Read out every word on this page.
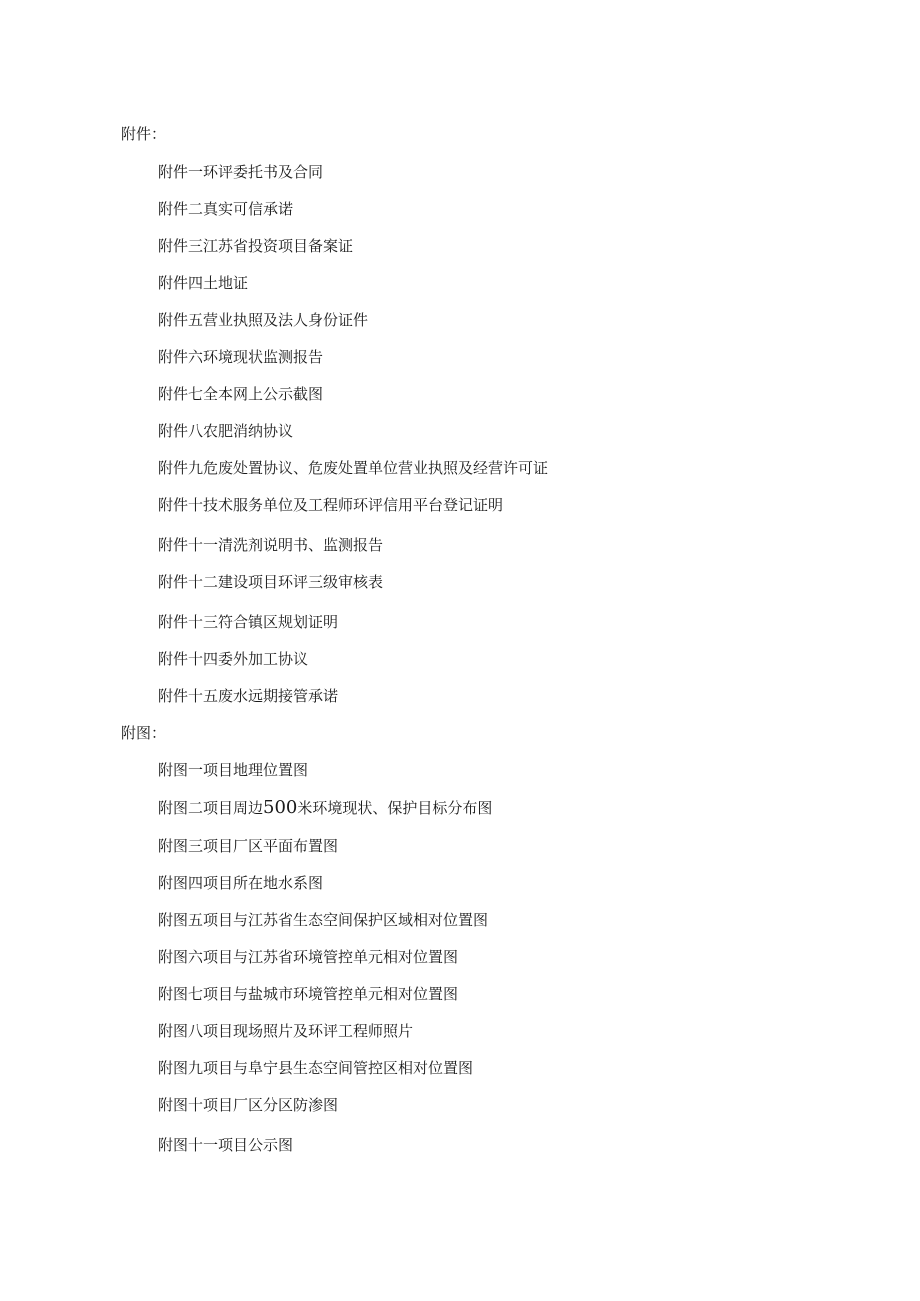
附件：
附件一环评委托书及合同
附件二真实可信承诺
附件三江苏省投资项目备案证
附件四土地证
附件五营业执照及法人身份证件
附件六环境现状监测报告
附件七全本网上公示截图
附件八农肥消纳协议
附件九危废处置协议、危废处置单位营业执照及经营许可证
附件十技术服务单位及工程师环评信用平台登记证明
附件十一清洗剂说明书、监测报告
附件十二建设项目环评三级审核表
附件十三符合镇区规划证明
附件十四委外加工协议
附件十五废水远期接管承诺
附图：
附图一项目地理位置图
附图二项目周边500米环境现状、保护目标分布图
附图三项目厂区平面布置图
附图四项目所在地水系图
附图五项目与江苏省生态空间保护区域相对位置图
附图六项目与江苏省环境管控单元相对位置图
附图七项目与盐城市环境管控单元相对位置图
附图八项目现场照片及环评工程师照片
附图九项目与阜宁县生态空间管控区相对位置图
附图十项目厂区分区防渗图
附图十一项目公示图
